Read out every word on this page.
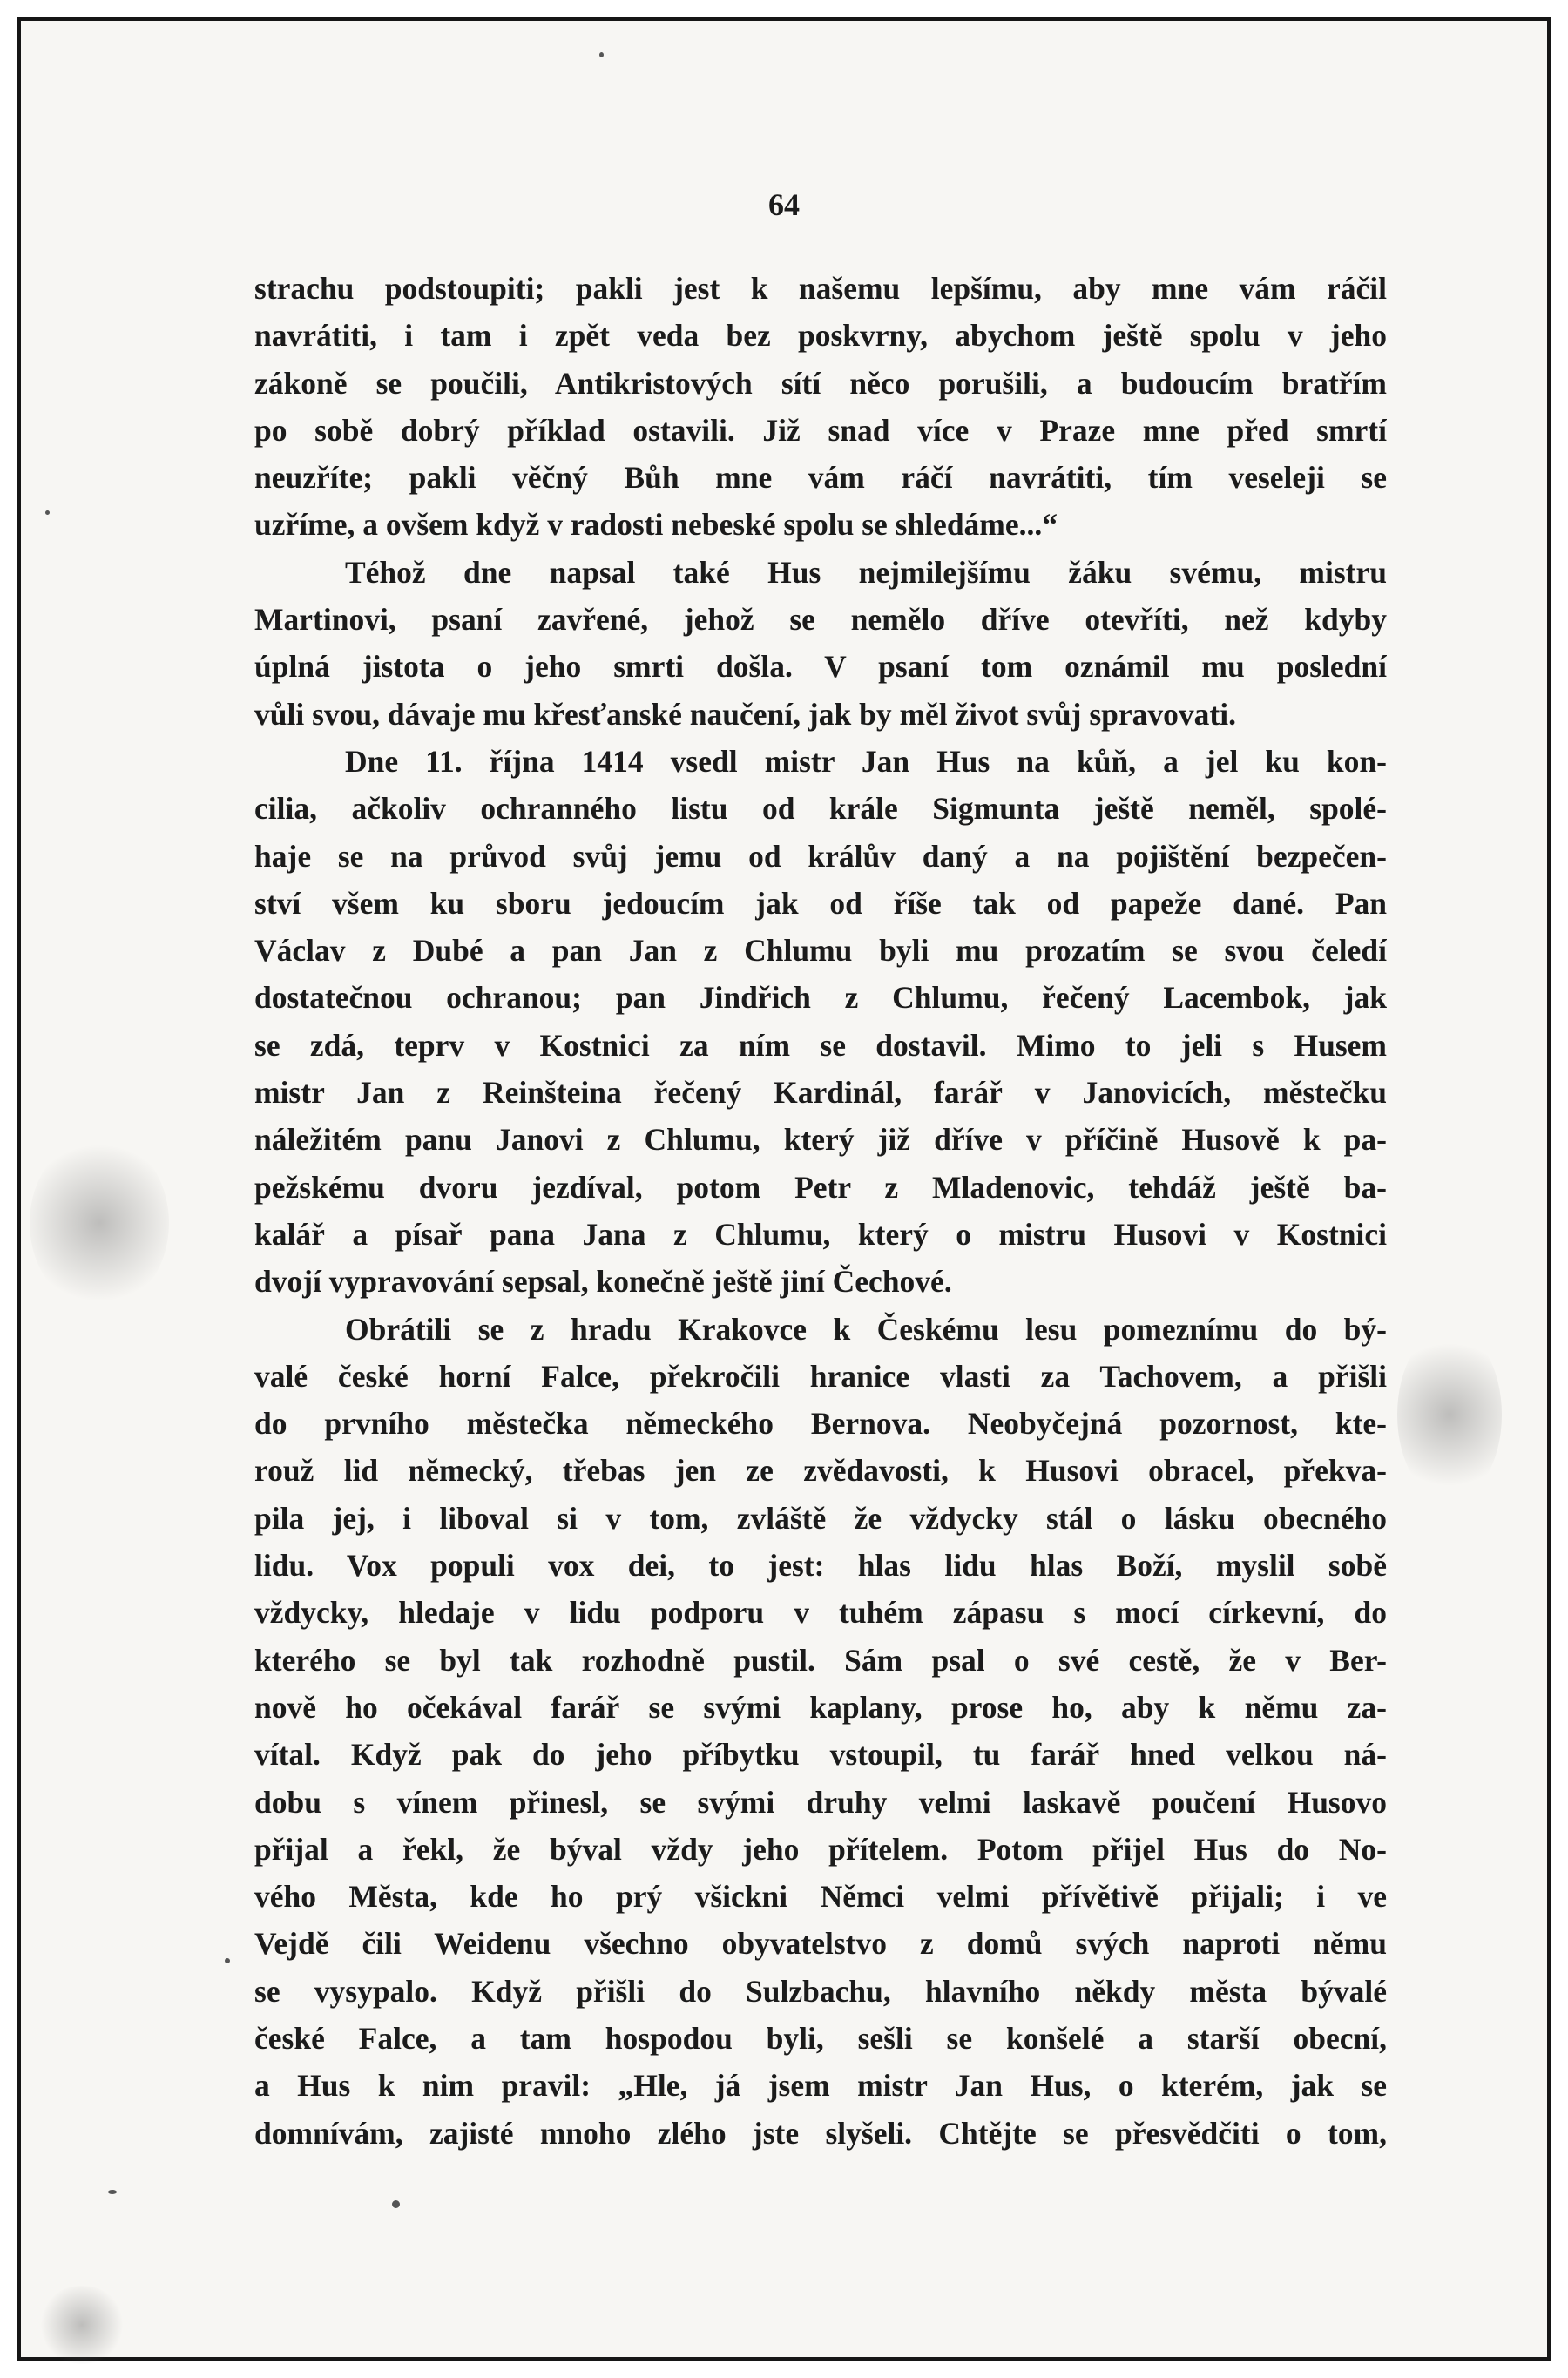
64
strachu podstoupiti; pakli jest k našemu lepšímu, aby mne vám ráčil
navrátiti, i tam i zpět veda bez poskvrny, abychom ještě spolu v jeho
zákoně se poučili, Antikristových sítí něco porušili, a budoucím bratřím
po sobě dobrý příklad ostavili. Již snad více v Praze mne před smrtí
neuzříte; pakli věčný Bůh mne vám ráčí navrátiti, tím veseleji se
uzříme, a ovšem když v radosti nebeské spolu se shledáme...“
Téhož dne napsal také Hus nejmilejšímu žáku svému, mistru
Martinovi, psaní zavřené, jehož se nemělo dříve otevříti, než kdyby
úplná jistota o jeho smrti došla. V psaní tom oznámil mu poslední
vůli svou, dávaje mu křesťanské naučení, jak by měl život svůj spravovati.
Dne 11. října 1414 vsedl mistr Jan Hus na kůň, a jel ku kon-
cilia, ačkoliv ochranného listu od krále Sigmunta ještě neměl, spolé-
haje se na průvod svůj jemu od králův daný a na pojištění bezpečen-
ství všem ku sboru jedoucím jak od říše tak od papeže dané. Pan
Václav z Dubé a pan Jan z Chlumu byli mu prozatím se svou čeledí
dostatečnou ochranou; pan Jindřich z Chlumu, řečený Lacembok, jak
se zdá, teprv v Kostnici za ním se dostavil. Mimo to jeli s Husem
mistr Jan z Reinšteina řečený Kardinál, farář v Janovicích, městečku
náležitém panu Janovi z Chlumu, který již dříve v příčině Husově k pa-
pežskému dvoru jezdíval, potom Petr z Mladenovic, tehdáž ještě ba-
kalář a písař pana Jana z Chlumu, který o mistru Husovi v Kostnici
dvojí vypravování sepsal, konečně ještě jiní Čechové.
Obrátili se z hradu Krakovce k Českému lesu pomeznímu do bý-
valé české horní Falce, překročili hranice vlasti za Tachovem, a přišli
do prvního městečka německého Bernova. Neobyčejná pozornost, kte-
rouž lid německý, třebas jen ze zvědavosti, k Husovi obracel, překva-
pila jej, i liboval si v tom, zvláště že vždycky stál o lásku obecného
lidu. Vox populi vox dei, to jest: hlas lidu hlas Boží, myslil sobě
vždycky, hledaje v lidu podporu v tuhém zápasu s mocí církevní, do
kterého se byl tak rozhodně pustil. Sám psal o své cestě, že v Ber-
nově ho očekával farář se svými kaplany, prose ho, aby k němu za-
vítal. Když pak do jeho příbytku vstoupil, tu farář hned velkou ná-
dobu s vínem přinesl, se svými druhy velmi laskavě poučení Husovo
přijal a řekl, že býval vždy jeho přítelem. Potom přijel Hus do No-
vého Města, kde ho prý všickni Němci velmi přívětivě přijali; i ve
Vejdě čili Weidenu všechno obyvatelstvo z domů svých naproti němu
se vysypalo. Když přišli do Sulzbachu, hlavního někdy města bývalé
české Falce, a tam hospodou byli, sešli se konšelé a starší obecní,
a Hus k nim pravil: „Hle, já jsem mistr Jan Hus, o kterém, jak se
domnívám, zajisté mnoho zlého jste slyšeli. Chtějte se přesvědčiti o tom,
